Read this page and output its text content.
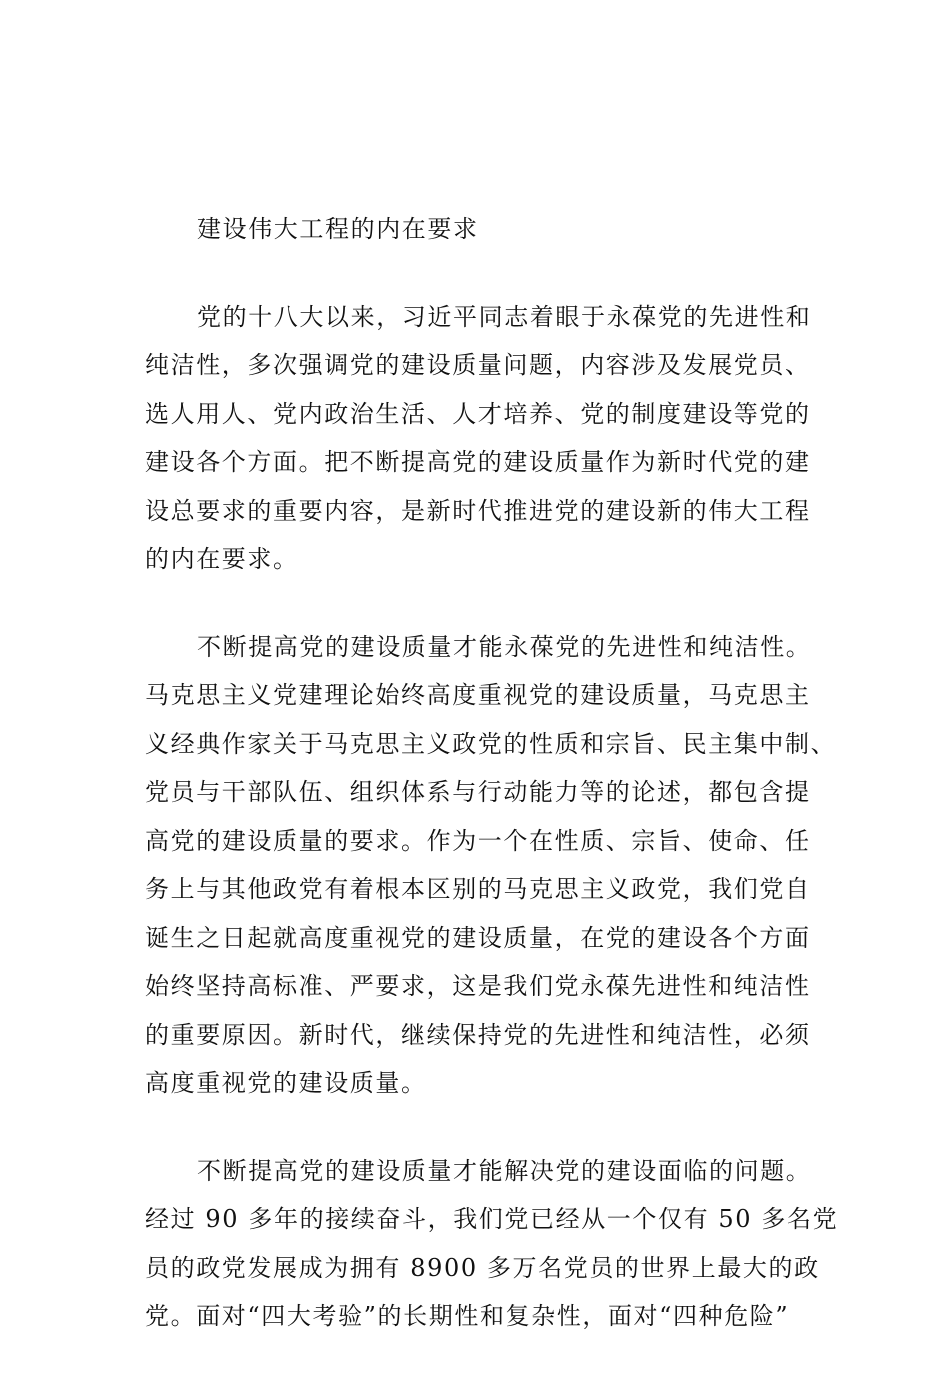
建设伟大工程的内在要求
党的十八大以来，习近平同志着眼于永葆党的先进性和
纯洁性，多次强调党的建设质量问题，内容涉及发展党员、
选人用人、党内政治生活、人才培养、党的制度建设等党的
建设各个方面。把不断提高党的建设质量作为新时代党的建
设总要求的重要内容，是新时代推进党的建设新的伟大工程
的内在要求。
不断提高党的建设质量才能永葆党的先进性和纯洁性。
马克思主义党建理论始终高度重视党的建设质量，马克思主
义经典作家关于马克思主义政党的性质和宗旨、民主集中制、
党员与干部队伍、组织体系与行动能力等的论述，都包含提
高党的建设质量的要求。作为一个在性质、宗旨、使命、任
务上与其他政党有着根本区别的马克思主义政党，我们党自
诞生之日起就高度重视党的建设质量，在党的建设各个方面
始终坚持高标准、严要求，这是我们党永葆先进性和纯洁性
的重要原因。新时代，继续保持党的先进性和纯洁性，必须
高度重视党的建设质量。
不断提高党的建设质量才能解决党的建设面临的问题。
经过 90 多年的接续奋斗，我们党已经从一个仅有 50 多名党
员的政党发展成为拥有 8900 多万名党员的世界上最大的政
党。面对“四大考验”的长期性和复杂性，面对“四种危险”
